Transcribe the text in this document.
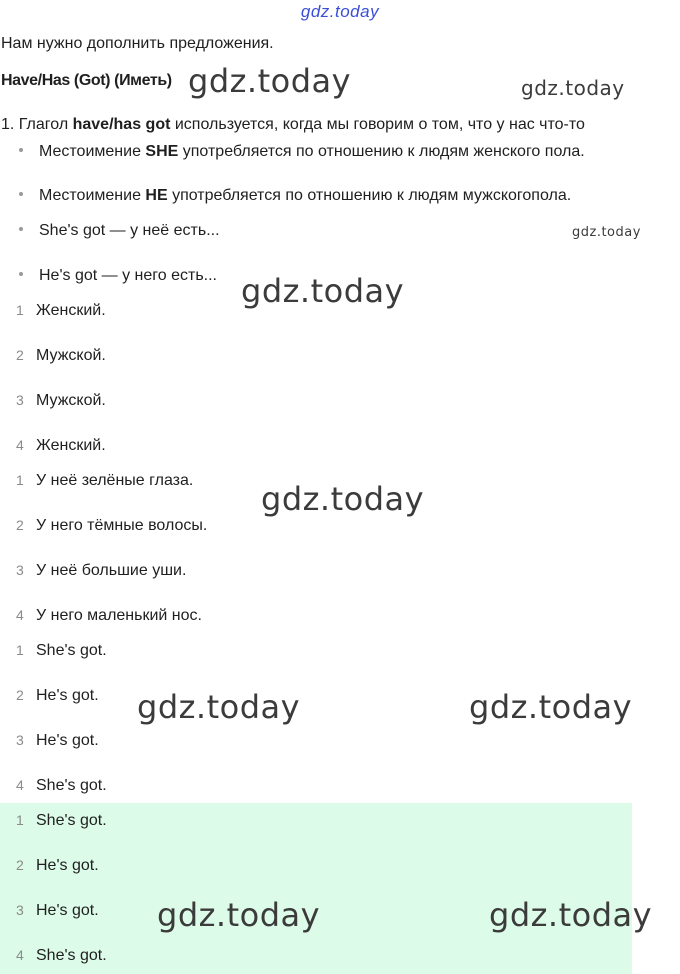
gdz.today
Нам нужно дополнить предложения.
Have/Has (Got) (Иметь)
1. Глагол have/has got используется, когда мы говорим о том, что у нас что-то
Местоимение SHE употребляется по отношению к людям женского пола.
Местоимение HE употребляется по отношению к людям мужскогопола.
She's got — у неё есть...
He's got — у него есть...
1 Женский.
2 Мужской.
3 Мужской.
4 Женский.
1 У неё зелёные глаза.
2 У него тёмные волосы.
3 У неё большие уши.
4 У него маленький нос.
1 She's got.
2 He's got.
3 He's got.
4 She's got.
1 She's got.
2 He's got.
3 He's got.
4 She's got.
gdz.today	gdz.today
gdz.today
gdz.today
gdz.today
gdz.today	gdz.today
gdz.today	gdz.today
